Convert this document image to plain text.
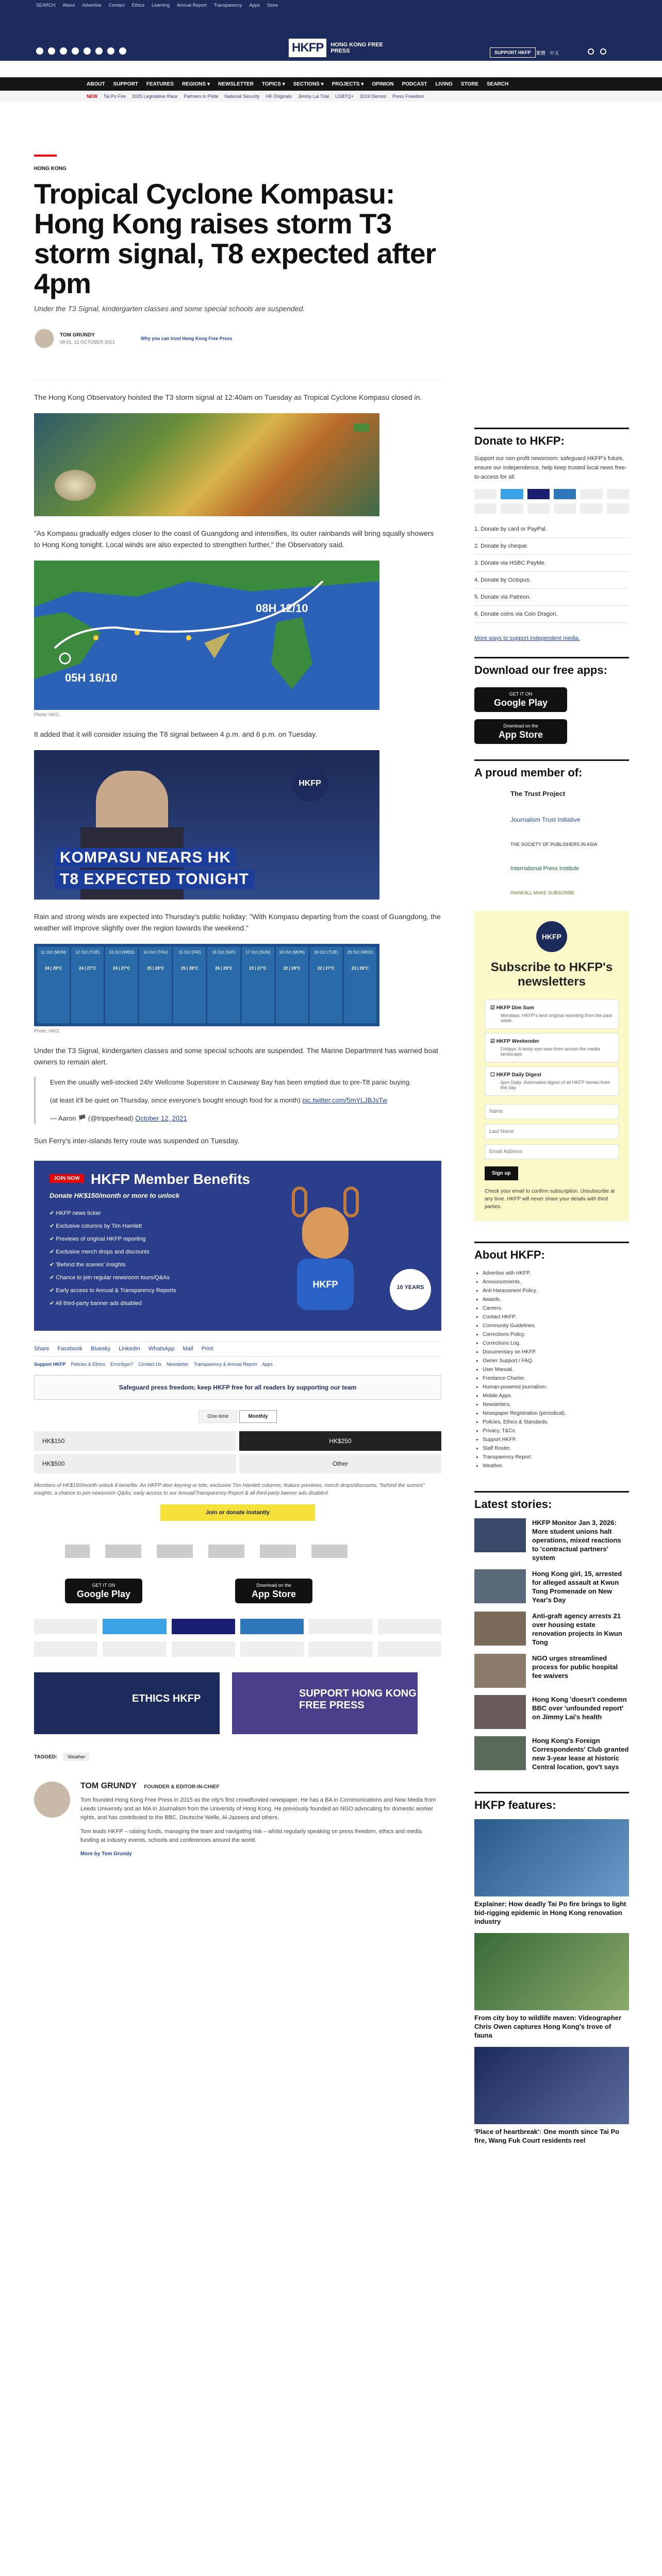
SEARCH About Advertise Contact Ethics Learning Annual Report Transparency Apps Store
HKFP	HONG KONG FREE PRESS	SUPPORT HKFP	繁體 中文
ABOUT SUPPORT FEATURES REGIONS ▾ NEWSLETTER TOPICS ▾ SECTIONS ▾ PROJECTS ▾ OPINION PODCAST LIVING STORE SEARCH
NEW Tai Po Fire 2025 Legislative Race Partners in Pride National Security HK Originals Jimmy Lai Trial LGBTQ+ 2019 Demos Press Freedom
HONG KONG
Tropical Cyclone Kompasu: Hong Kong raises storm T3 storm signal, T8 expected after 4pm
Under the T3 Signal, kindergarten classes and some special schools are suspended.
TOM GRUNDY
08:41, 12 OCTOBER 2021
Why you can trust Hong Kong Free Press
The Hong Kong Observatory hoisted the T3 storm signal at 12:40am on Tuesday as Tropical Cyclone Kompasu closed in.
"As Kompasu gradually edges closer to the coast of Guangdong and intensifies, its outer rainbands will bring squally showers to Hong Kong tonight. Local winds are also expected to strengthen further," the Observatory said.
08H 12/10
05H 16/10
Photo: HKO.
It added that it will consider issuing the T8 signal between 4 p.m. and 6 p.m. on Tuesday.
HKFP
KOMPASU NEARS HK
T8 EXPECTED TONIGHT
Rain and strong winds are expected into Thursday's public holiday: "With Kompasu departing from the coast of Guangdong, the weather will improve slightly over the region towards the weekend."
11 Oct (MON)
24 | 28°C
12 Oct (TUE)
24 | 27°C
13 Oct (WED)
24 | 27°C
14 Oct (THU)
25 | 28°C
15 Oct (FRI)
25 | 28°C
16 Oct (SAT)
26 | 29°C
17 Oct (SUN)
23 | 27°C
18 Oct (MON)
22 | 28°C
19 Oct (TUE)
22 | 27°C
20 Oct (WED)
23 | 28°C
Photo: HKO.
Under the T3 Signal, kindergarten classes and some special schools are suspended. The Marine Department has warned boat owners to remain alert.
Even the usually well-stocked 24hr Wellcome Superstore in Causeway Bay has been emptied due to pre-T8 panic buying.
(at least it'll be quiet on Thursday, since everyone's bought enough food for a month) pic.twitter.com/5mYLJBJsTw
— Aaron 🏴 (@tripperhead) October 12, 2021
Sun Ferry's inter-islands ferry route was suspended on Tuesday.
JOIN NOW HKFP Member Benefits
Donate HK$150/month or more to unlock
✔ HKFP news ticker
✔ Exclusive columns by Tim Hamlett
✔ Previews of original HKFP reporting
✔ Exclusive merch drops and discounts
✔ 'Behind the scenes' insights
✔ Chance to join regular newsroom tours/Q&As
✔ Early access to Annual & Transparency Reports
✔ All third-party banner ads disabled
HKFP	10 YEARS
Share Facebook Bluesky LinkedIn WhatsApp Mail Print
Support HKFP Policies & Ethics Error/typo? Contact Us Newsletter Transparency & Annual Report Apps
Safeguard press freedom; keep HKFP free for all readers by supporting our team
One-time	Monthly
HK$150	HK$250
HK$500	Other
Members of HK$150/month unlock 8 benefits: An HKFP deer keyring or tote; exclusive Tim Hamlett columns; feature previews; merch drops/discounts; "behind the scenes" insights; a chance to join newsroom Q&As; early access to our Annual/Transparency Report & all third-party banner ads disabled.
Join or donate instantly
GET IT ON
Google Play
Download on the
App Store
ETHICS HKFP	SUPPORT HONG KONG FREE PRESS
TAGGED:	Weather
TOM GRUNDY FOUNDER & EDITOR-IN-CHIEF
Tom founded Hong Kong Free Press in 2015 as the city's first crowdfunded newspaper. He has a BA in Communications and New Media from Leeds University and an MA in Journalism from the University of Hong Kong. He previously founded an NGO advocating for domestic worker rights, and has contributed to the BBC, Deutsche Welle, Al-Jazeera and others.
Tom leads HKFP – raising funds, managing the team and navigating risk – whilst regularly speaking on press freedom, ethics and media funding at industry events, schools and conferences around the world.
More by Tom Grundy
Donate to HKFP:
Support our non-profit newsroom: safeguard HKFP's future, ensure our independence, help keep trusted local news free-to-access for all.
1. Donate by card or PayPal.
2. Donate by cheque.
3. Donate via HSBC PayMe.
4. Donate by Octopus.
5. Donate via Patreon.
6. Donate coins via Coin Dragon.
More ways to support independent media.
Download our free apps:
GET IT ON
Google Play
Download on the
App Store
A proud member of:
The Trust Project
Journalism Trust Initiative
THE SOCIETY OF PUBLISHERS IN ASIA
International Press Institute
RAINFALL MAKE SUBSCRIBE
HKFP
Subscribe to HKFP's newsletters
☑ HKFP Dim Sum
Mondays: HKFP's best original reporting from the past week.
☑ HKFP Weekender
Fridays: A feisty eye-view from across the media landscape.
☐ HKFP Daily Digest
6pm Daily: Automated digest of all HKFP stories from the day.
Name
Last Name
Email Address Sign up
Check your email to confirm subscription. Unsubscribe at any time. HKFP will never share your details with third parties.
About HKFP:
• Advertise with HKFP.
• Announcements.
• Anti-Harassment Policy.
• Awards.
• Careers.
• Contact HKFP.
• Community Guidelines.
• Corrections Policy.
• Corrections Log.
• Documentary on HKFP.
• Owner Support / FAQ.
• User Manual.
• Freelance Charter.
• Human-powered journalism.
• Mobile Apps.
• Newsletters.
• Newspaper Registration (periodical).
• Policies, Ethics & Standards.
• Privacy, T&Cs.
• Support HKFP.
• Staff Roster.
• Transparency Report.
• Weather.
Latest stories:
HKFP Monitor Jan 3, 2026: More student unions halt operations, mixed reactions to 'contractual partners' system
Hong Kong girl, 15, arrested for alleged assault at Kwun Tong Promenade on New Year's Day
Anti-graft agency arrests 21 over housing estate renovation projects in Kwun Tong
NGO urges streamlined process for public hospital fee waivers
Hong Kong 'doesn't condemn BBC over 'unfounded report' on Jimmy Lai's health
Hong Kong's Foreign Correspondents' Club granted new 3-year lease at historic Central location, gov't says
HKFP features:
Explainer: How deadly Tai Po fire brings to light bid-rigging epidemic in Hong Kong renovation industry
From city boy to wildlife maven: Videographer Chris Owen captures Hong Kong's trove of fauna
'Place of heartbreak': One month since Tai Po fire, Wang Fuk Court residents reel
